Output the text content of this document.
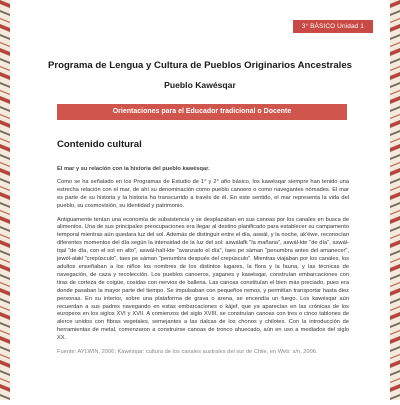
3° BÁSICO Unidad 1
Programa de Lengua y Cultura de Pueblos Originarios Ancestrales
Pueblo Kawésqar
Orientaciones para el Educador tradicional o Docente
Contenido cultural

El mar y su relación con la historia del pueblo kawésqar.

Como se ha señalado en los Programas de Estudio de 1° y 2° año básico, los kawésqar siempre han tenido una estrecha relación con el mar, de ahí su denominación como pueblo canoero o como navegantes nómades. El mar es parte de su historia y la historia ha transcurrido a través de él. En este sentido, el mar representa la vida del pueblo, su cosmovisión, su identidad y patrimonio.

Antiguamente tenían una economía de subsistencia y se desplazaban en sus canoas por los canales en busca de alimentos. Una de sus principales preocupaciones era llegar al destino planificado para establecer su campamento temporal mientras aún quedara luz del sol. Además de distinguir entre el día, aswál, y la noche, ak'éwe, reconocían diferentes momentos del día según la intensidad de la luz del sol: aswálafk "la mañana", aswál-kte "de día", aswál-tqal "de día, con el sol en alto", aswál-halí-kte "avanzado el día", taes pe sáman "penumbra antes del amanecer", jewól-atǽl "crepúsculo", taes pe sáman "penumbra después del crepúsculo". Mientras viajaban por los canales, los adultos enseñaban a los niños los nombres de los distintos lugares, la flora y la fauna, y las técnicas de navegación, de caza y recolección. Los pueblos canoeros, yaganes y kawésqar, construían embarcaciones con tiras de corteza de coigüe, cosidas con nervios de ballena. Las canoas constituían el bien más preciado, pues era donde pasaban la mayor parte del tiempo. Se impulsaban con pequeños remos, y permitían transportar hasta diez personas. En su interior, sobre una plataforma de grava o arena, se encendía un fuego. Los kawésqar aún recuerdan a sus padres navegando en estas embarcaciones o kájef, que ya aparecían en las crónicas de los europeos en los siglos XVI y XVII. A comienzos del siglo XVIII, se construían canoas con tres o cinco tablones de alerce unidos con fibras vegetales, semejantes a las dalcas de los chonos y chilotes. Con la introducción de herramientas de metal, comenzaron a construirse canoas de tronco ahuecado, aún en uso a mediados del siglo XX.

Fuente: AYLWIN, 2006; Kawésqar: cultura de los canales australes del sur de Chile, en Web: s/n, 2006.
